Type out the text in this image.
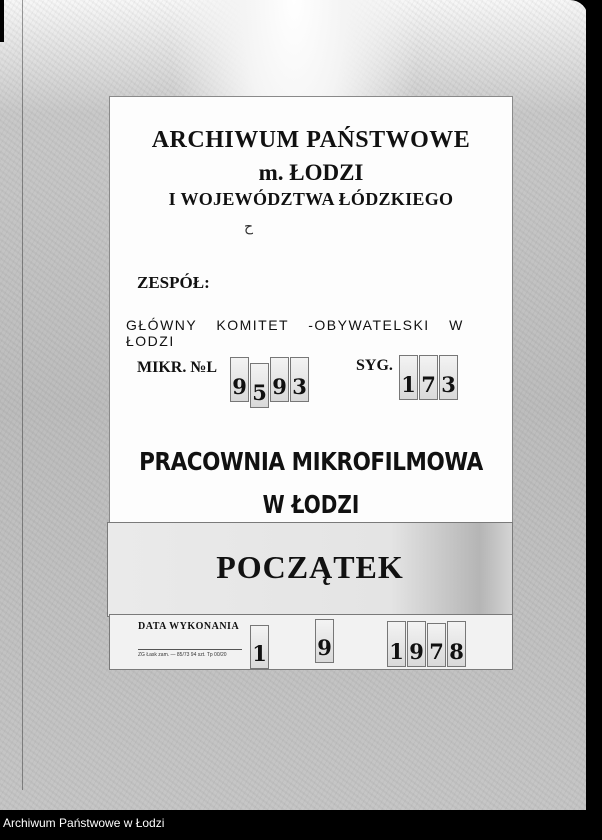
ARCHIWUM PAŃSTWOWE
m. ŁODZI
I WOJEWÓDZTWA ŁÓDZKIEGO
ح
ZESPÓŁ:
GŁÓWNY KOMITET -OBYWATELSKI W ŁODZI
MIKR. №L
9 5 9 3
SYG.
1 7 3
PRACOWNIA MIKROFILMOWA
W ŁODZI
POCZĄTEK
DATA WYKONANIA
ZG Łask zam. — 85/73 94 szt. Tp 00/20 1 9	1 9 7 8
Archiwum Państwowe w Łodzi
